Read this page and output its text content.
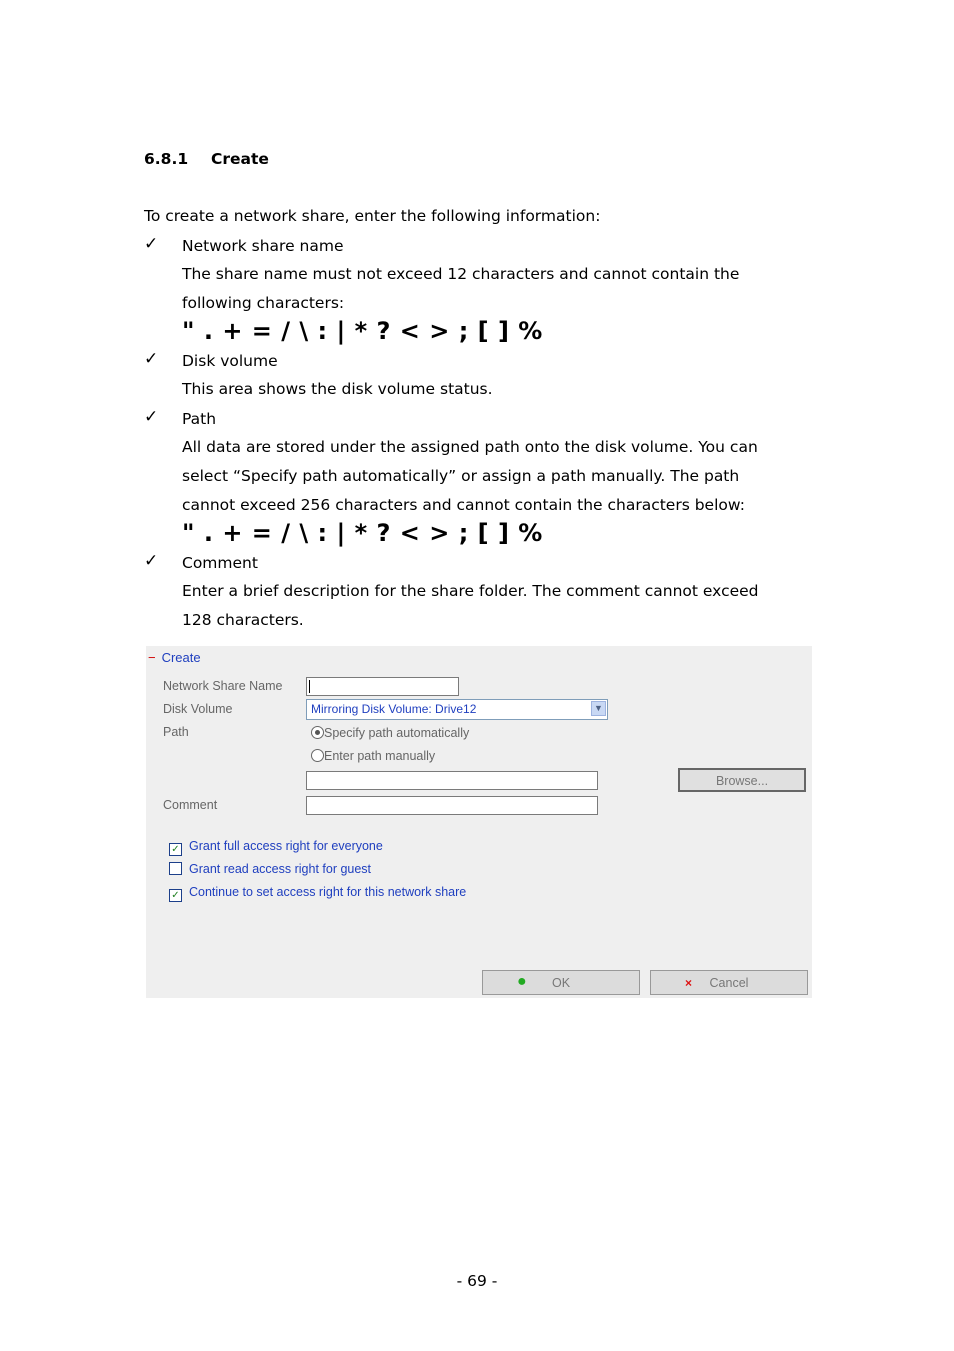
6.8.1 Create
To create a network share, enter the following information:
✓ Network share name
The share name must not exceed 12 characters and cannot contain the
following characters:
" . + = / \ : | * ? < > ; [ ] %
✓ Disk volume
This area shows the disk volume status.
✓ Path
All data are stored under the assigned path onto the disk volume. You can
select “Specify path automatically” or assign a path manually. The path
cannot exceed 256 characters and cannot contain the characters below:
" . + = / \ : | * ? < > ; [ ] %
✓ Comment
Enter a brief description for the share folder. The comment cannot exceed
128 characters.
− Create
Network Share Name
Disk Volume	Mirroring Disk Volume: Drive12	▼
Path	Specify path automatically
Enter path manually
Browse...
Comment
✓ Grant full access right for everyone
Grant read access right for guest
✓ Continue to set access right for this network share
● OK	× Cancel
- 69 -
